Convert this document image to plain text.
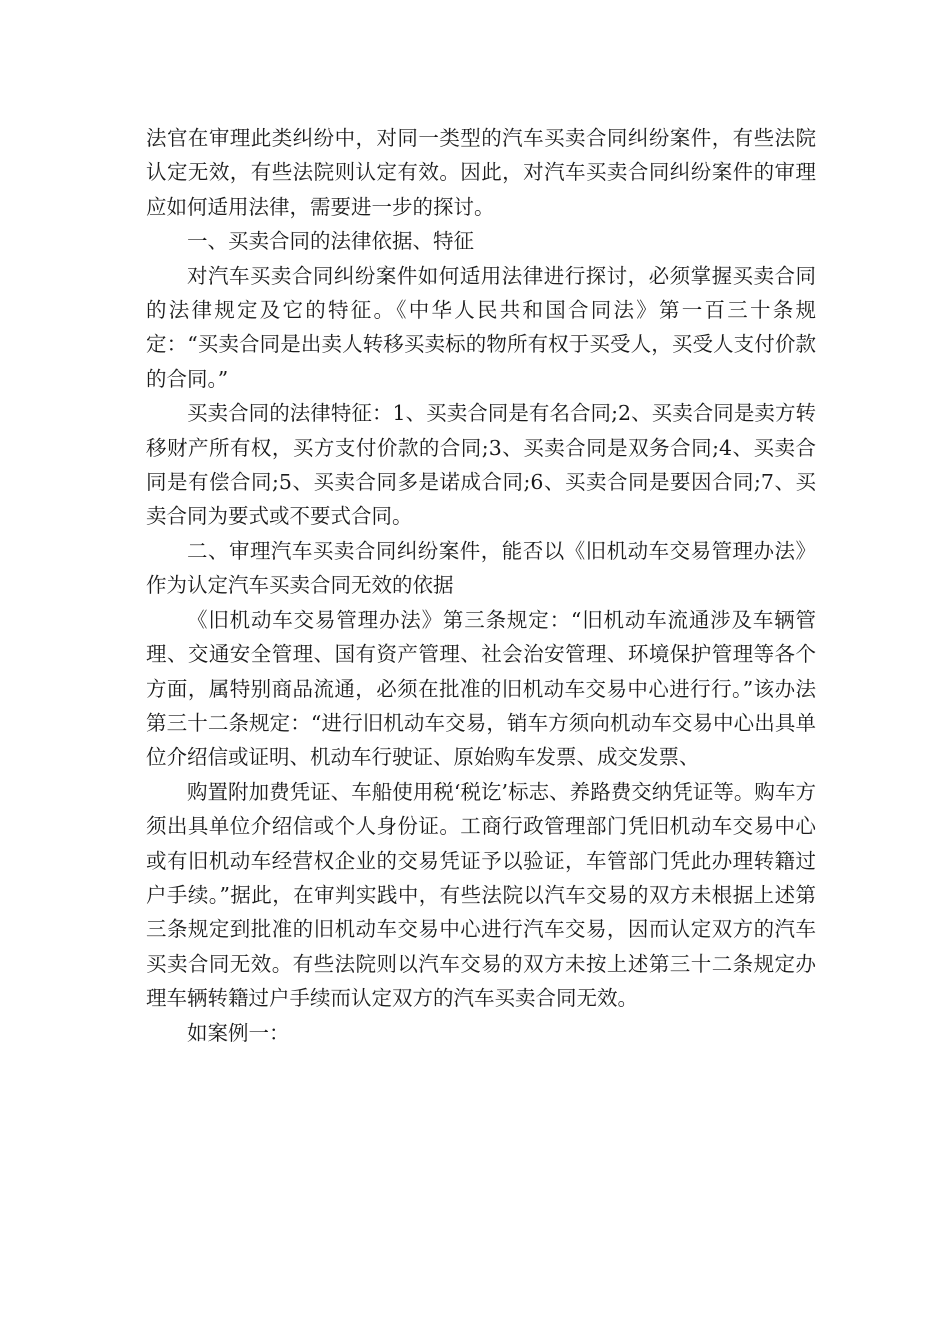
法官在审理此类纠纷中，对同一类型的汽车买卖合同纠纷案件，有些法院认定无效，有些法院则认定有效。因此，对汽车买卖合同纠纷案件的审理应如何适用法律，需要进一步的探讨。

一、买卖合同的法律依据、特征

对汽车买卖合同纠纷案件如何适用法律进行探讨，必须掌握买卖合同的法律规定及它的特征。《中华人民共和国合同法》第一百三十条规定：“买卖合同是出卖人转移买卖标的物所有权于买受人，买受人支付价款的合同。”

买卖合同的法律特征：1、买卖合同是有名合同;2、买卖合同是卖方转移财产所有权，买方支付价款的合同;3、买卖合同是双务合同;4、买卖合同是有偿合同;5、买卖合同多是诺成合同;6、买卖合同是要因合同;7、买卖合同为要式或不要式合同。

二、审理汽车买卖合同纠纷案件，能否以《旧机动车交易管理办法》作为认定汽车买卖合同无效的依据

《旧机动车交易管理办法》第三条规定：“旧机动车流通涉及车辆管理、交通安全管理、国有资产管理、社会治安管理、环境保护管理等各个方面，属特别商品流通，必须在批准的旧机动车交易中心进行行。”该办法第三十二条规定：“进行旧机动车交易，销车方须向机动车交易中心出具单位介绍信或证明、机动车行驶证、原始购车发票、成交发票、

购置附加费凭证、车船使用税‘税讫’标志、养路费交纳凭证等。购车方须出具单位介绍信或个人身份证。工商行政管理部门凭旧机动车交易中心或有旧机动车经营权企业的交易凭证予以验证，车管部门凭此办理转籍过户手续。”据此，在审判实践中，有些法院以汽车交易的双方未根据上述第三条规定到批准的旧机动车交易中心进行汽车交易，因而认定双方的汽车买卖合同无效。有些法院则以汽车交易的双方未按上述第三十二条规定办理车辆转籍过户手续而认定双方的汽车买卖合同无效。

如案例一：
